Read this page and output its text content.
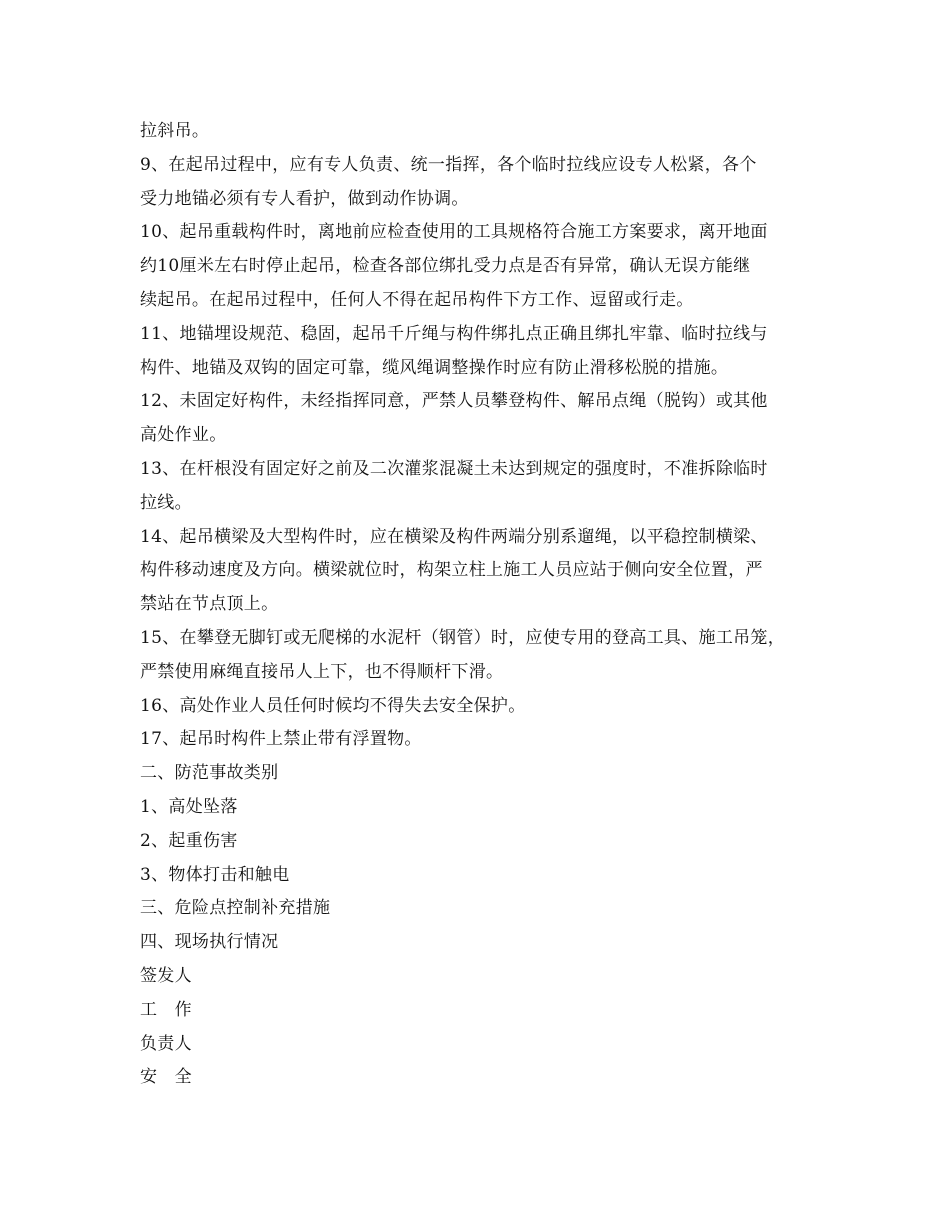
拉斜吊。
9、在起吊过程中，应有专人负责、统一指挥，各个临时拉线应设专人松紧，各个
受力地锚必须有专人看护，做到动作协调。
10、起吊重载构件时，离地前应检查使用的工具规格符合施工方案要求，离开地面
约10厘米左右时停止起吊，检查各部位绑扎受力点是否有异常，确认无误方能继
续起吊。在起吊过程中，任何人不得在起吊构件下方工作、逗留或行走。
11、地锚埋设规范、稳固，起吊千斤绳与构件绑扎点正确且绑扎牢靠、临时拉线与
构件、地锚及双钩的固定可靠，缆风绳调整操作时应有防止滑移松脱的措施。
12、未固定好构件，未经指挥同意，严禁人员攀登构件、解吊点绳（脱钩）或其他
高处作业。
13、在杆根没有固定好之前及二次灌浆混凝土未达到规定的强度时，不准拆除临时
拉线。
14、起吊横梁及大型构件时，应在横梁及构件两端分别系遛绳，以平稳控制横梁、
构件移动速度及方向。横梁就位时，构架立柱上施工人员应站于侧向安全位置，严
禁站在节点顶上。
15、在攀登无脚钉或无爬梯的水泥杆（钢管）时，应使专用的登高工具、施工吊笼，
严禁使用麻绳直接吊人上下，也不得顺杆下滑。
16、高处作业人员任何时候均不得失去安全保护。
17、起吊时构件上禁止带有浮置物。
二、防范事故类别
1、高处坠落
2、起重伤害
3、物体打击和触电
三、危险点控制补充措施
四、现场执行情况
签发人
工　作
负责人
安　全
